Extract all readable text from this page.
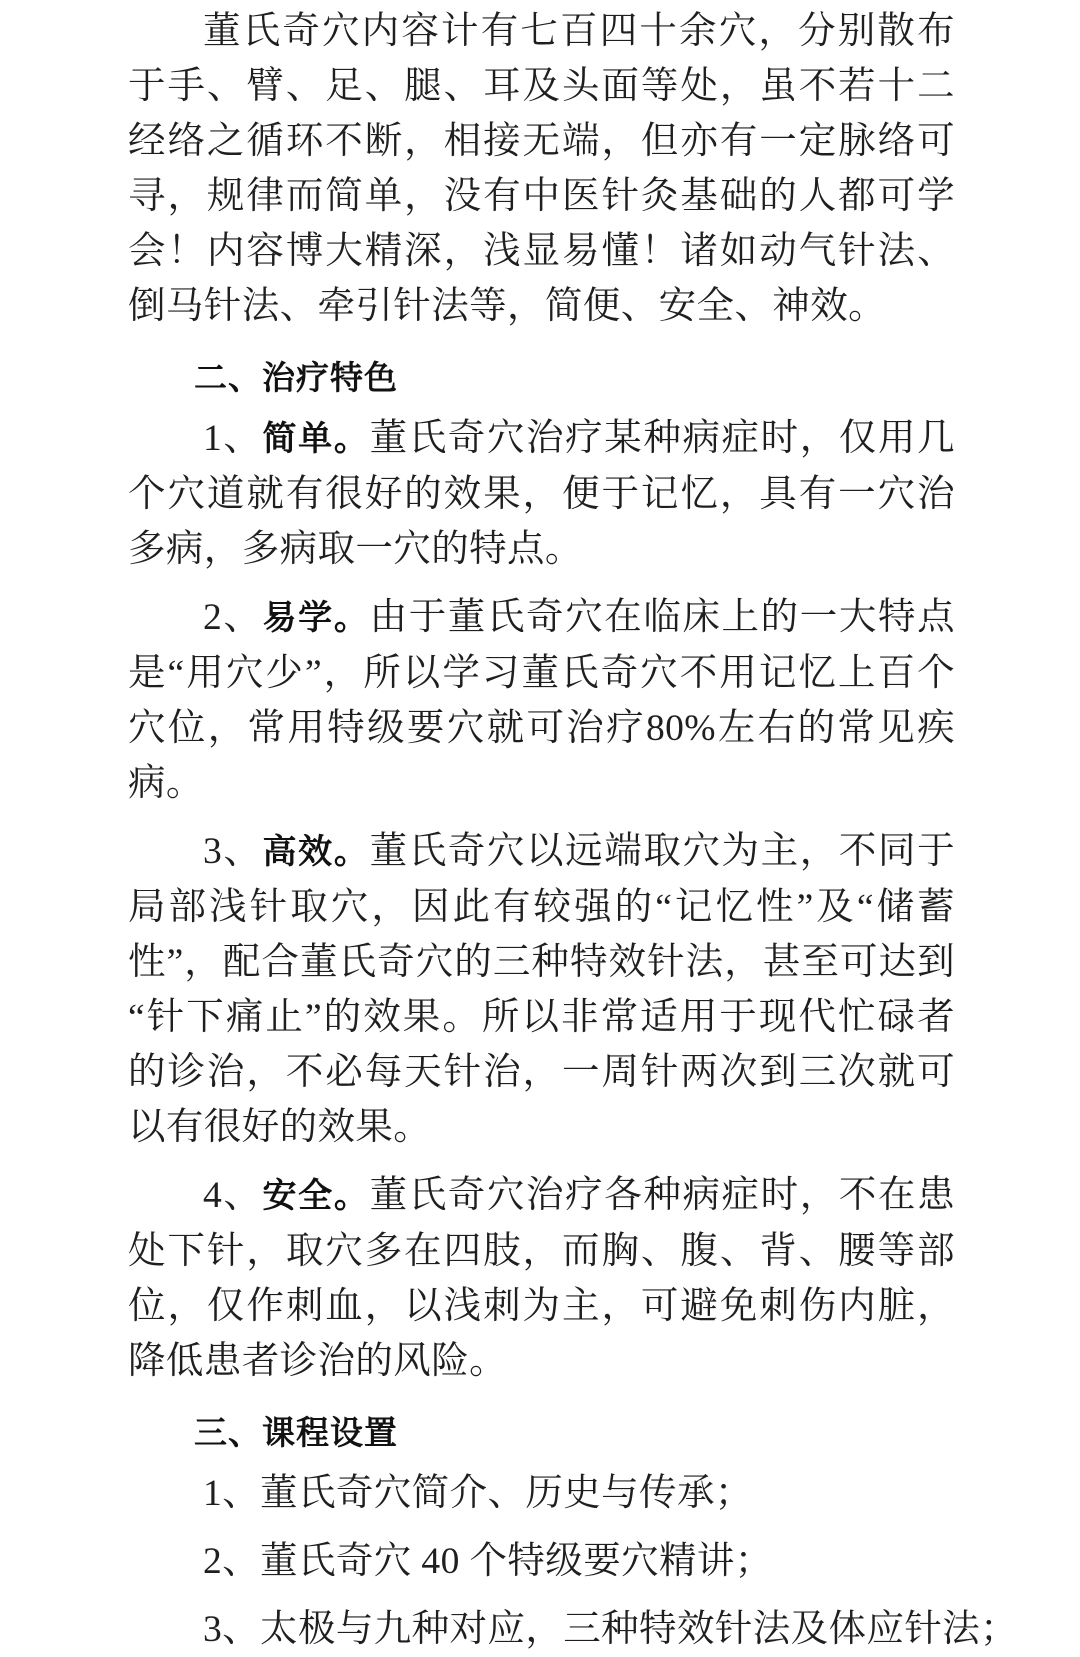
董氏奇穴内容计有七百四十余穴，分别散布于手、臂、足、腿、耳及头面等处，虽不若十二经络之循环不断，相接无端，但亦有一定脉络可寻，规律而简单，没有中医针灸基础的人都可学会！内容博大精深，浅显易懂！诸如动气针法、倒马针法、牵引针法等，简便、安全、神效。

二、治疗特色

1、简单。董氏奇穴治疗某种病症时，仅用几个穴道就有很好的效果，便于记忆，具有一穴治多病，多病取一穴的特点。

2、易学。由于董氏奇穴在临床上的一大特点是“用穴少”，所以学习董氏奇穴不用记忆上百个穴位，常用特级要穴就可治疗80%左右的常见疾病。

3、高效。董氏奇穴以远端取穴为主，不同于局部浅针取穴，因此有较强的“记忆性”及“储蓄性”，配合董氏奇穴的三种特效针法，甚至可达到“针下痛止”的效果。所以非常适用于现代忙碌者的诊治，不必每天针治，一周针两次到三次就可以有很好的效果。

4、安全。董氏奇穴治疗各种病症时，不在患处下针，取穴多在四肢，而胸、腹、背、腰等部位，仅作刺血，以浅刺为主，可避免刺伤内脏，降低患者诊治的风险。

三、课程设置

1、董氏奇穴简介、历史与传承；

2、董氏奇穴 40 个特级要穴精讲；

3、太极与九种对应，三种特效针法及体应针法；
